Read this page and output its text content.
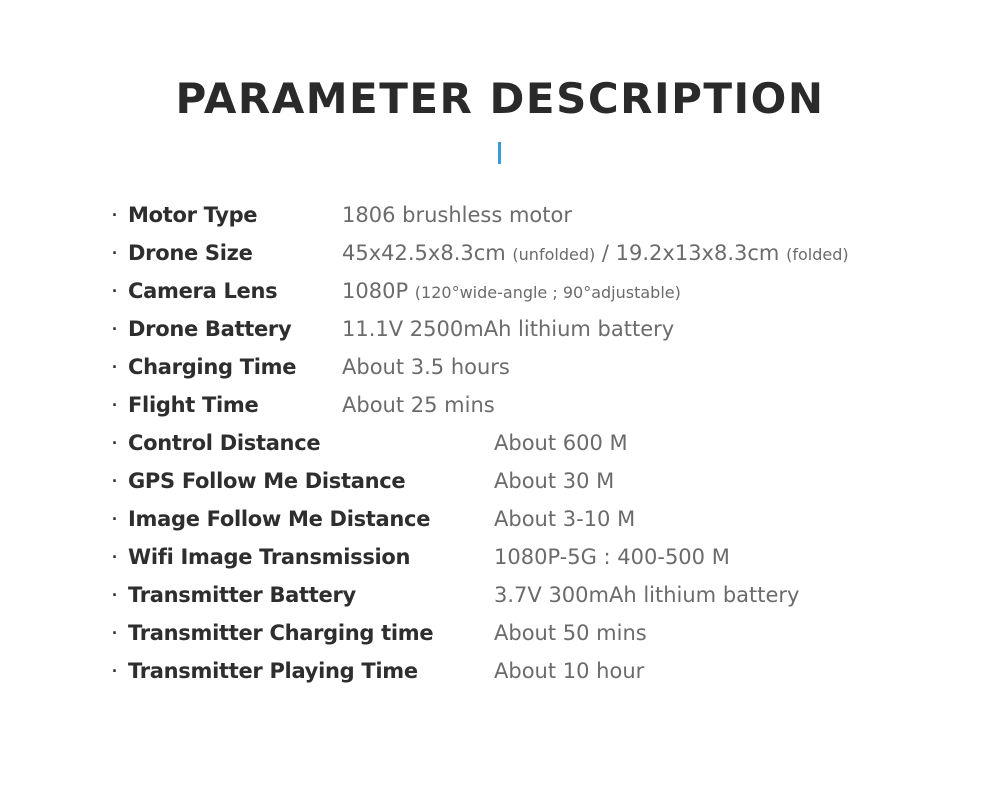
PARAMETER DESCRIPTION
· Motor Type	1806 brushless motor
· Drone Size	45x42.5x8.3cm (unfolded) / 19.2x13x8.3cm (folded)
· Camera Lens	1080P (120°wide-angle ; 90°adjustable)
· Drone Battery 11.1V 2500mAh lithium battery
· Charging Time About 3.5 hours
· Flight Time	About 25 mins
· Control Distance	About 600 M
· GPS Follow Me Distance	About 30 M
· Image Follow Me Distance	About 3-10 M
· Wifi Image Transmission	1080P-5G : 400-500 M
· Transmitter Battery	3.7V 300mAh lithium battery
· Transmitter Charging time	About 50 mins
· Transmitter Playing Time	About 10 hour
